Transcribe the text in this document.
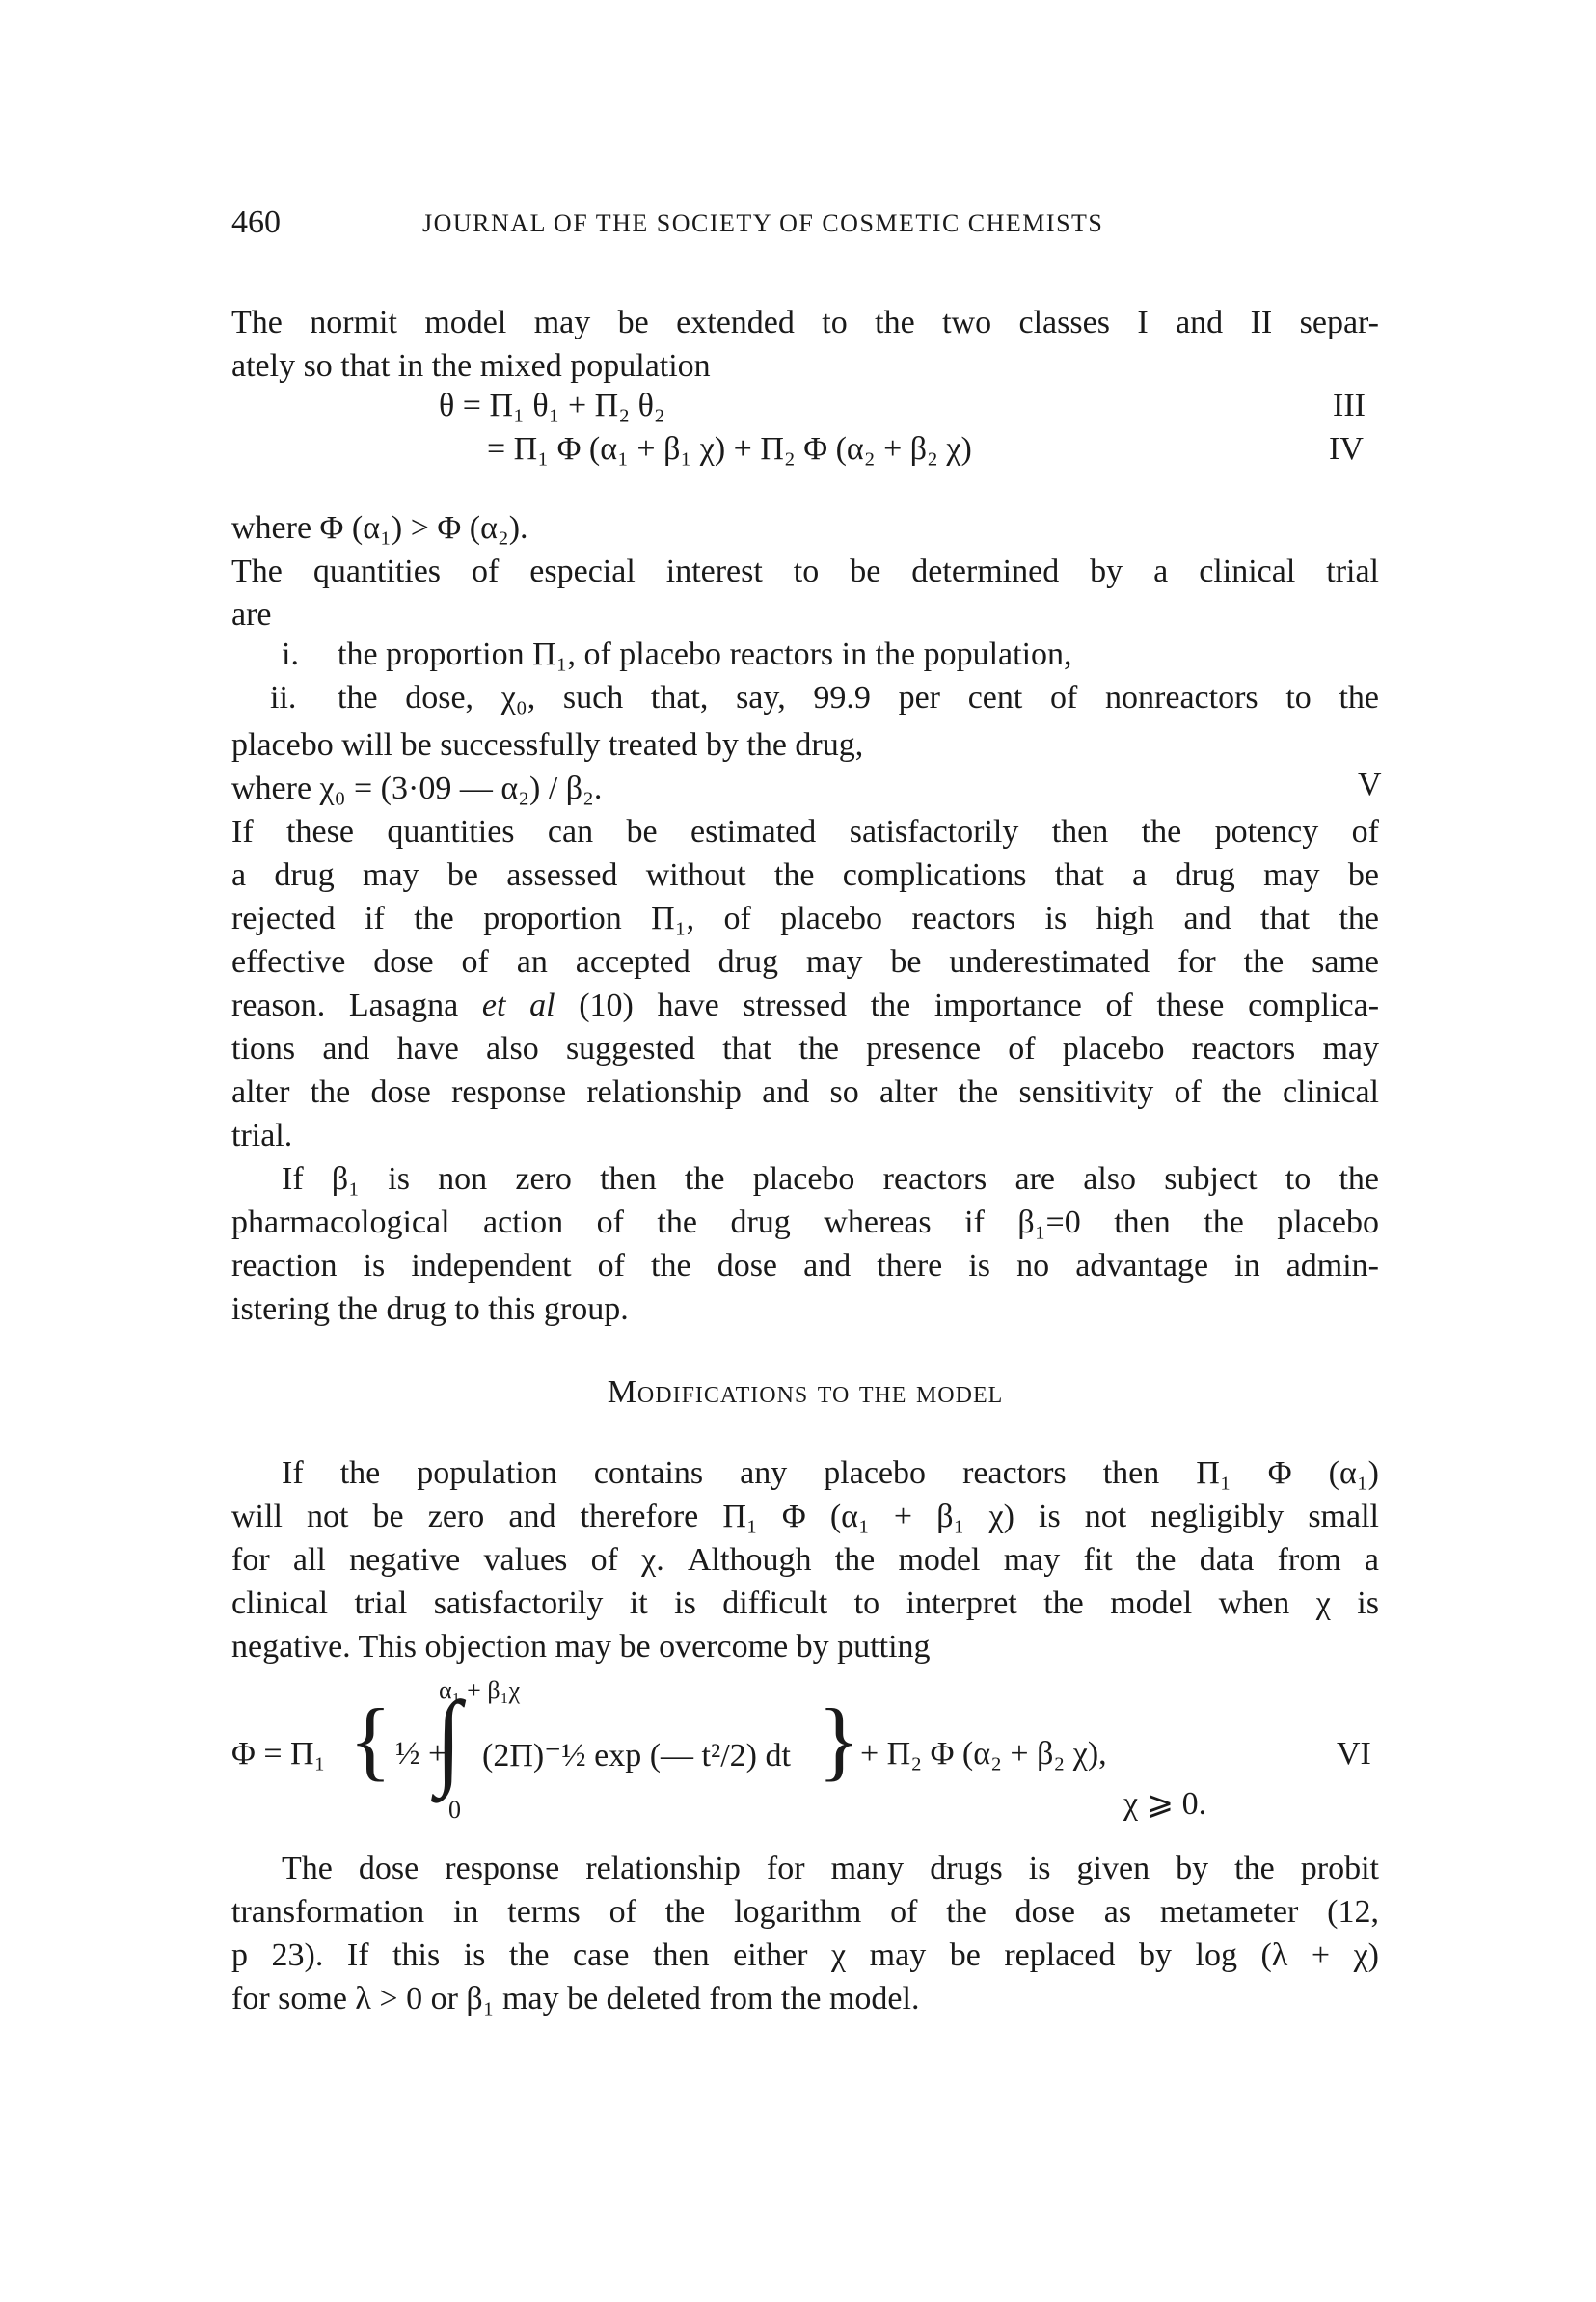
460	JOURNAL OF THE SOCIETY OF COSMETIC CHEMISTS
The normit model may be extended to the two classes I and II separ-
ately so that in the mixed population
θ = Π₁ θ₁ + Π₂ θ₂	III
= Π₁ Φ (α₁ + β₁ χ) + Π₂ Φ (α₂ + β₂ χ)	IV
where Φ (α₁) > Φ (α₂).
The quantities of especial interest to be determined by a clinical trial
are
i. the proportion Π₁, of placebo reactors in the population,
ii. the dose, χ₀, such that, say, 99.9 per cent of nonreactors to the
placebo will be successfully treated by the drug,
where χ₀ = (3·09 — α₂) / β₂.	V
If these quantities can be estimated satisfactorily then the potency of
a drug may be assessed without the complications that a drug may be
rejected if the proportion Π₁, of placebo reactors is high and that the
effective dose of an accepted drug may be underestimated for the same
reason. Lasagna et al (10) have stressed the importance of these complica-
tions and have also suggested that the presence of placebo reactors may
alter the dose response relationship and so alter the sensitivity of the clinical
trial.
If β₁ is non zero then the placebo reactors are also subject to the
pharmacological action of the drug whereas if β₁=0 then the placebo
reaction is independent of the dose and there is no advantage in admin-
istering the drug to this group.
Modifications to the model
If the population contains any placebo reactors then Π₁ Φ (α₁)
will not be zero and therefore Π₁ Φ (α₁ + β₁ χ) is not negligibly small
for all negative values of χ. Although the model may fit the data from a
clinical trial satisfactorily it is difficult to interpret the model when χ is
negative. This objection may be overcome by putting
α₁ + β₁χ
Φ = Π₁ { ½ +
∫ (2Π)⁻½ exp (— t²/2) dt } + Π₂ Φ (α₂ + β₂ χ),	VI
0	χ ⩾ 0.
The dose response relationship for many drugs is given by the probit
transformation in terms of the logarithm of the dose as metameter (12,
p 23). If this is the case then either χ may be replaced by log (λ + χ)
for some λ > 0 or β₁ may be deleted from the model.
